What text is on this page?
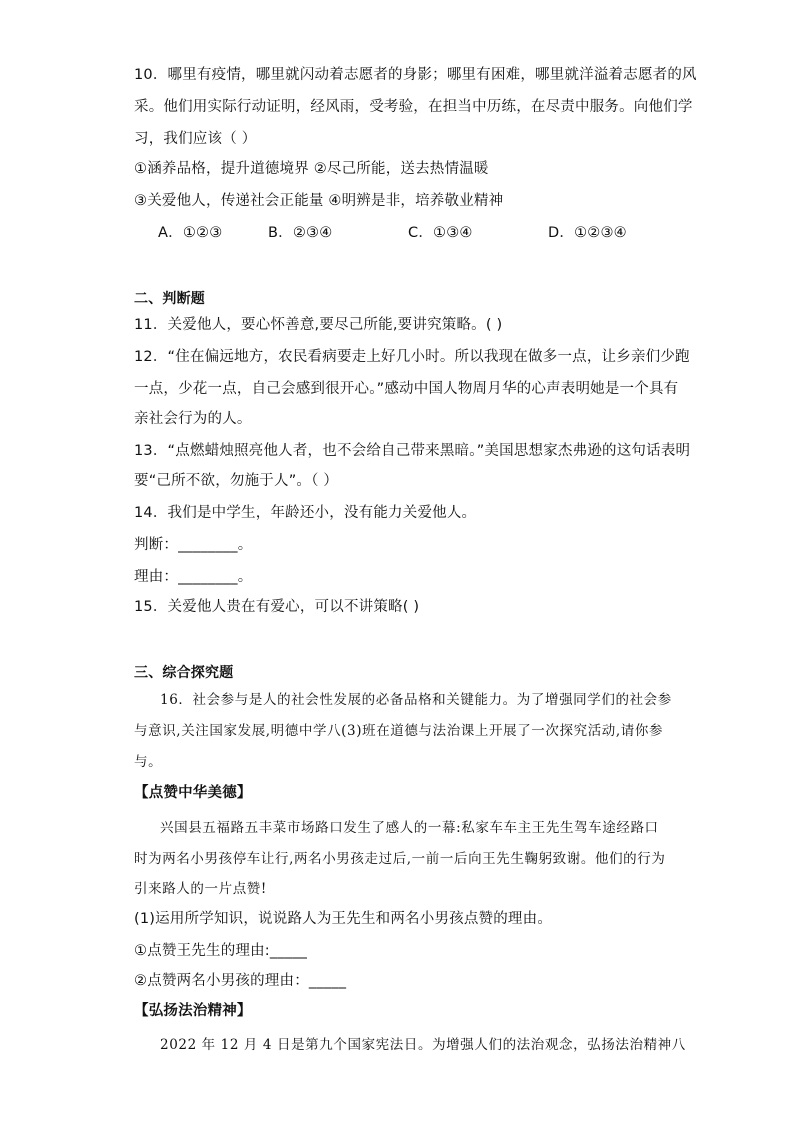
10．哪里有疫情，哪里就闪动着志愿者的身影；哪里有困难，哪里就洋溢着志愿者的风
采。他们用实际行动证明，经风雨，受考验，在担当中历练，在尽责中服务。向他们学
习，我们应该（ ）
①涵养品格，提升道德境界 ②尽己所能，送去热情温暖
③关爱他人，传递社会正能量 ④明辨是非，培养敬业精神
A．①②③	B．②③④	C．①③④	D．①②③④
二、判断题
11．关爱他人，要心怀善意,要尽己所能,要讲究策略。( )
12．“住在偏远地方，农民看病要走上好几小时。所以我现在做多一点，让乡亲们少跑
一点，少花一点，自己会感到很开心。”感动中国人物周月华的心声表明她是一个具有
亲社会行为的人。
13．“点燃蜡烛照亮他人者，也不会给自己带来黑暗。”美国思想家杰弗逊的这句话表明
要“己所不欲，勿施于人”。（ ）
14．我们是中学生，年龄还小，没有能力关爱他人。
判断：________。
理由：________。
15．关爱他人贵在有爱心，可以不讲策略( )
三、综合探究题
16．社会参与是人的社会性发展的必备品格和关键能力。为了增强同学们的社会参
与意识,关注国家发展,明德中学八(3)班在道德与法治课上开展了一次探究活动,请你参
与。
【点赞中华美德】
兴国县五福路五丰菜市场路口发生了感人的一幕:私家车车主王先生驾车途经路口
时为两名小男孩停车让行,两名小男孩走过后,一前一后向王先生鞠躬致谢。他们的行为
引来路人的一片点赞!
(1)运用所学知识，说说路人为王先生和两名小男孩点赞的理由。
①点赞王先生的理由:_____
②点赞两名小男孩的理由：_____
【弘扬法治精神】
2022 年 12 月 4 日是第九个国家宪法日。为增强人们的法治观念，弘扬法治精神八
